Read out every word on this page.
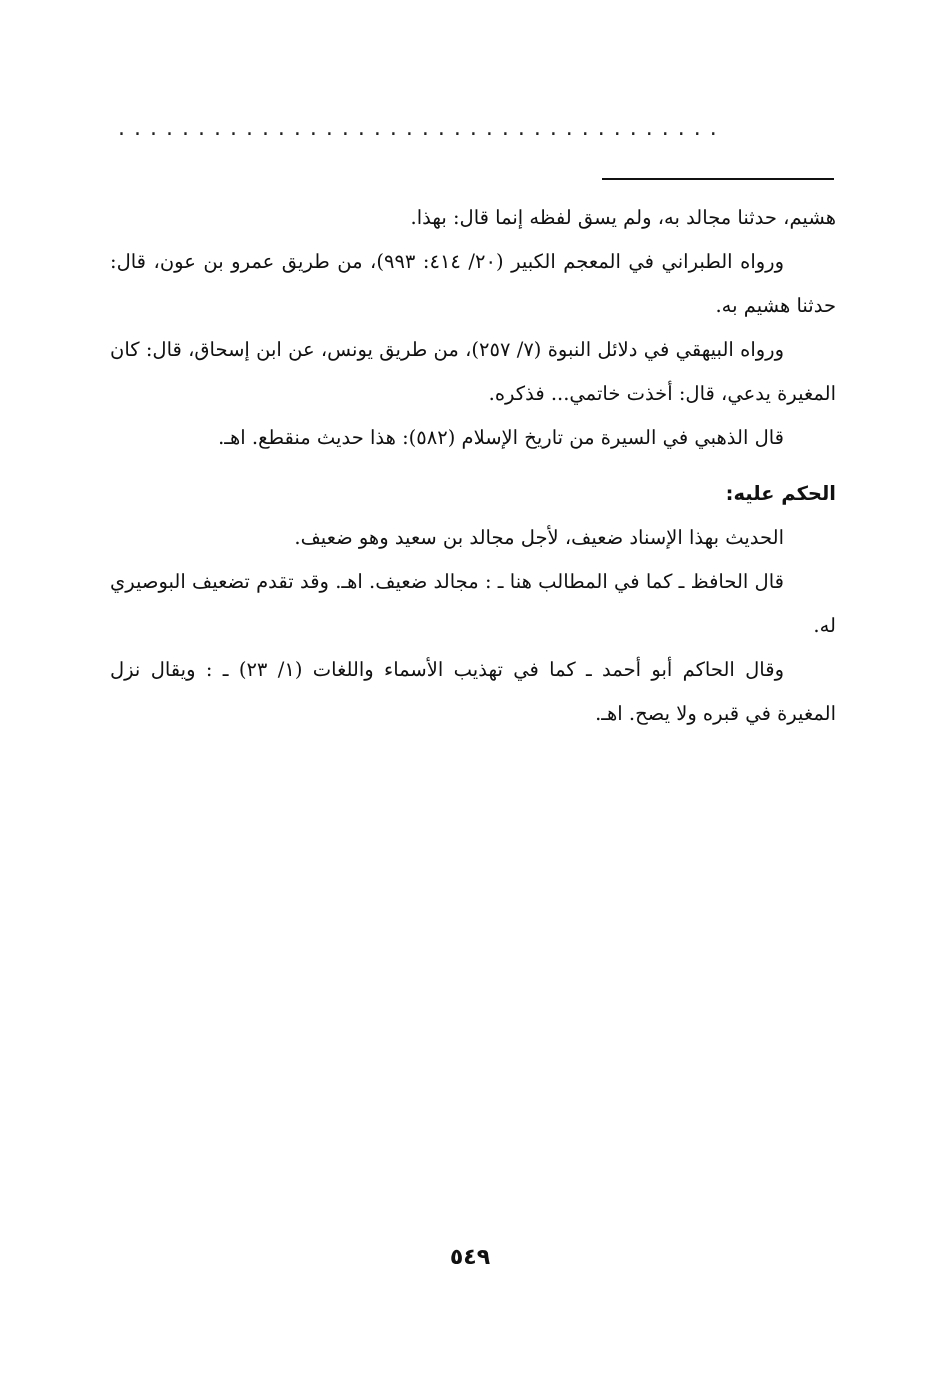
......................................

هشيم، حدثنا مجالد به، ولم يسق لفظه إنما قال: بهذا.

ورواه الطبراني في المعجم الكبير (٢٠/ ٤١٤: ٩٩٣)، من طريق عمرو بن عون، قال: حدثنا هشيم به.

ورواه البيهقي في دلائل النبوة (٧/ ٢٥٧)، من طريق يونس، عن ابن إسحاق، قال: كان المغيرة يدعي، قال: أخذت خاتمي... فذكره.

قال الذهبي في السيرة من تاريخ الإسلام (٥٨٢): هذا حديث منقطع. اهـ.

الحكم عليه:

الحديث بهذا الإسناد ضعيف، لأجل مجالد بن سعيد وهو ضعيف.

قال الحافظ ـ كما في المطالب هنا ـ : مجالد ضعيف. اهـ. وقد تقدم تضعيف البوصيري له.

وقال الحاكم أبو أحمد ـ كما في تهذيب الأسماء واللغات (١/ ٢٣) ـ : ويقال نزل المغيرة في قبره ولا يصح. اهـ.

٥٤٩
